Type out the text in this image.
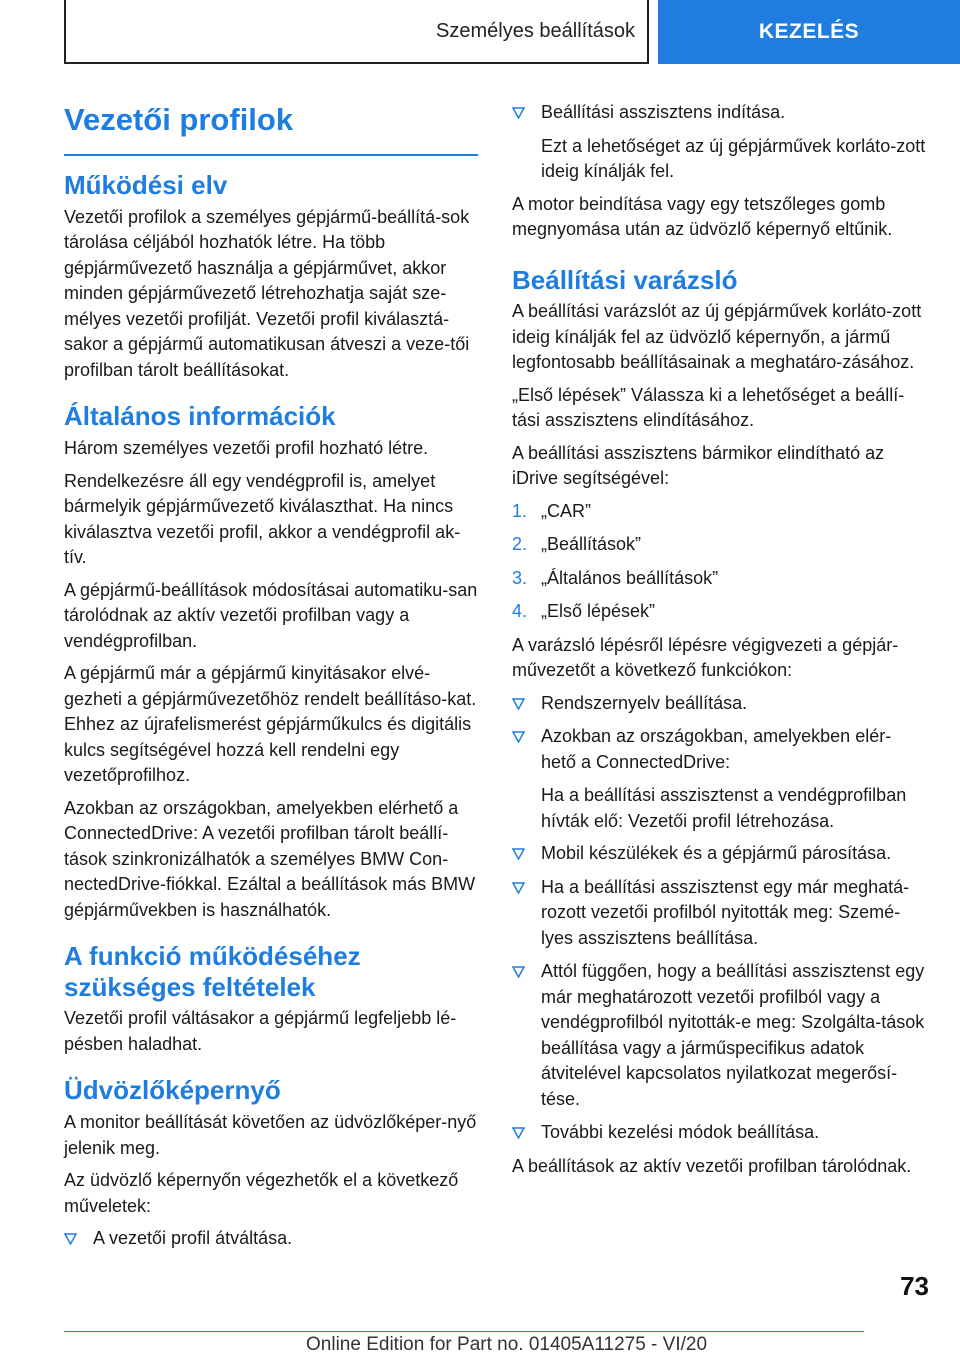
Személyes beállítások	KEZELÉS
Vezetői profilok
Működési elv

Vezetői profilok a személyes gépjármű-beállítá-sok tárolása céljából hozhatók létre. Ha több gépjárművezető használja a gépjárművet, akkor minden gépjárművezető létrehozhatja saját sze-mélyes vezetői profilját. Vezetői profil kiválasztá-sakor a gépjármű automatikusan átveszi a veze-tői profilban tárolt beállításokat.

Általános információk

Három személyes vezetői profil hozható létre.

Rendelkezésre áll egy vendégprofil is, amelyet bármelyik gépjárművezető kiválaszthat. Ha nincs kiválasztva vezetői profil, akkor a vendégprofil ak-tív.

A gépjármű-beállítások módosításai automatiku-san tárolódnak az aktív vezetői profilban vagy a vendégprofilban.

A gépjármű már a gépjármű kinyitásakor elvé-gezheti a gépjárművezetőhöz rendelt beállításo-kat. Ehhez az újrafelismerést gépjárműkulcs és digitális kulcs segítségével hozzá kell rendelni egy vezetőprofilhoz.

Azokban az országokban, amelyekben elérhető a ConnectedDrive: A vezetői profilban tárolt beállí-tások szinkronizálhatók a személyes BMW Con-nectedDrive-fiókkal. Ezáltal a beállítások más BMW gépjárművekben is használhatók.

A funkció működéséhez
szükséges feltételek

Vezetői profil váltásakor a gépjármű legfeljebb lé-pésben haladhat.

Üdvözlőképernyő

A monitor beállítását követően az üdvözlőképer-nyő jelenik meg.

Az üdvözlő képernyőn végezhetők el a következő műveletek:

A vezetői profil átváltása.
Beállítási asszisztens indítása.

Ezt a lehetőséget az új gépjárművek korláto-zott ideig kínálják fel.

A motor beindítása vagy egy tetszőleges gomb megnyomása után az üdvözlő képernyő eltűnik.

Beállítási varázsló

A beállítási varázslót az új gépjárművek korláto-zott ideig kínálják fel az üdvözlő képernyőn, a jármű legfontosabb beállításainak a meghatáro-zásához.

„Első lépések” Válassza ki a lehetőséget a beállí-tási asszisztens elindításához.

A beállítási asszisztens bármikor elindítható az iDrive segítségével:

1. „CAR”
2. „Beállítások”
3. „Általános beállítások”
4. „Első lépések”

A varázsló lépésről lépésre végigvezeti a gépjár-művezetőt a következő funkciókon:

Rendszernyelv beállítása.
Azokban az országokban, amelyekben elér-hető a ConnectedDrive:

Ha a beállítási asszisztenst a vendégprofilban hívták elő: Vezetői profil létrehozása.

Mobil készülékek és a gépjármű párosítása.
Ha a beállítási asszisztenst egy már meghatá-rozott vezetői profilból nyitották meg: Szemé-lyes asszisztens beállítása.
Attól függően, hogy a beállítási asszisztenst egy már meghatározott vezetői profilból vagy a vendégprofilból nyitották-e meg: Szolgálta-tások beállítása vagy a járműspecifikus adatok átvitelével kapcsolatos nyilatkozat megerősí-tése.
További kezelési módok beállítása.

A beállítások az aktív vezetői profilban tárolódnak.

73
Online Edition for Part no. 01405A11275 - VI/20
